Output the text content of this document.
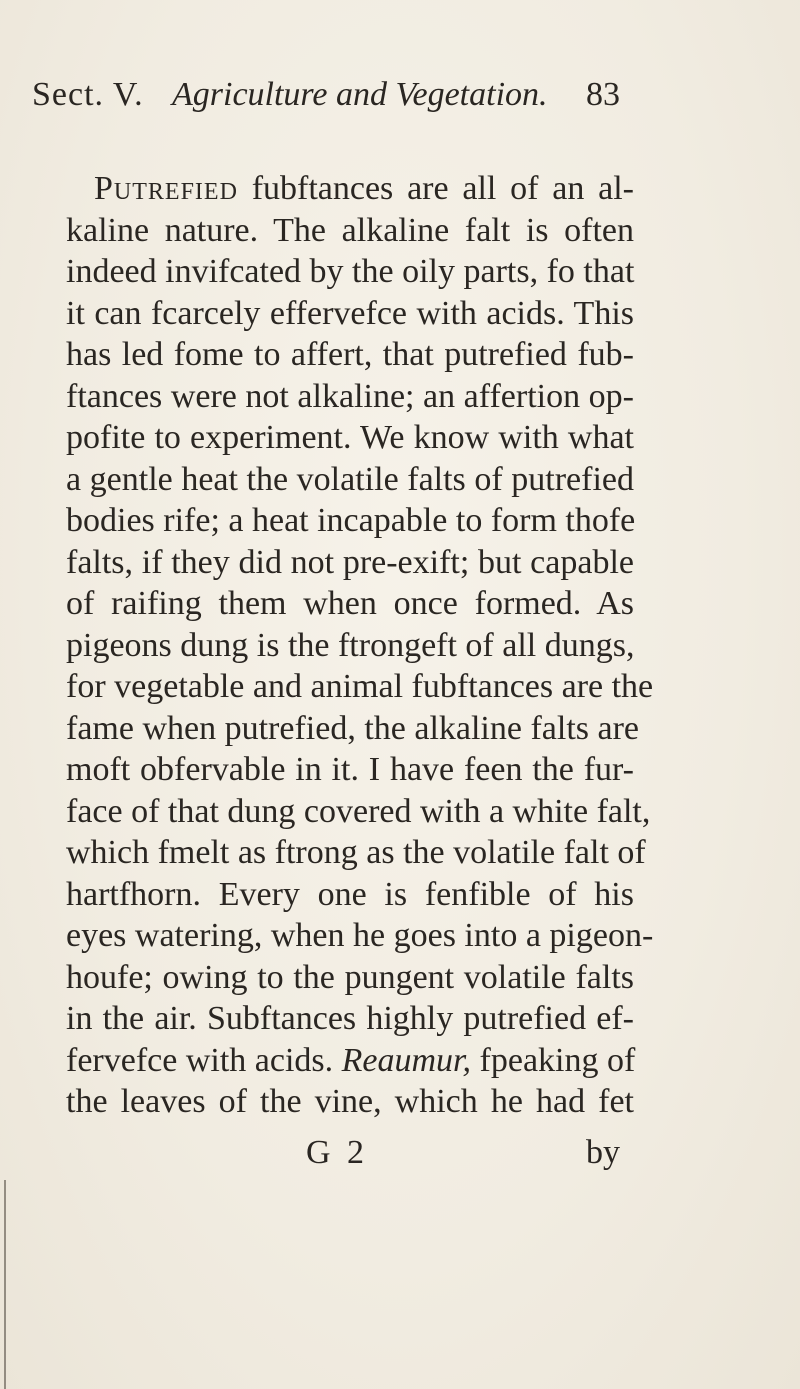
Sect. V. Agriculture and Vegetation. 83
Putrefied fubftances are all of an al-
kaline nature. The alkaline falt is often
indeed invifcated by the oily parts, fo that
it can fcarcely effervefce with acids. This
has led fome to affert, that putrefied fub-
ftances were not alkaline; an affertion op-
pofite to experiment. We know with what
a gentle heat the volatile falts of putrefied
bodies rife; a heat incapable to form thofe
falts, if they did not pre-exift; but capable
of raifing them when once formed. As
pigeons dung is the ftrongeft of all dungs,
for vegetable and animal fubftances are the
fame when putrefied, the alkaline falts are
moft obfervable in it. I have feen the fur-
face of that dung covered with a white falt,
which fmelt as ftrong as the volatile falt of
hartfhorn. Every one is fenfible of his
eyes watering, when he goes into a pigeon-
houfe; owing to the pungent volatile falts
in the air. Subftances highly putrefied ef-
fervefce with acids. Reaumur, fpeaking of
the leaves of the vine, which he had fet
G 2	by
